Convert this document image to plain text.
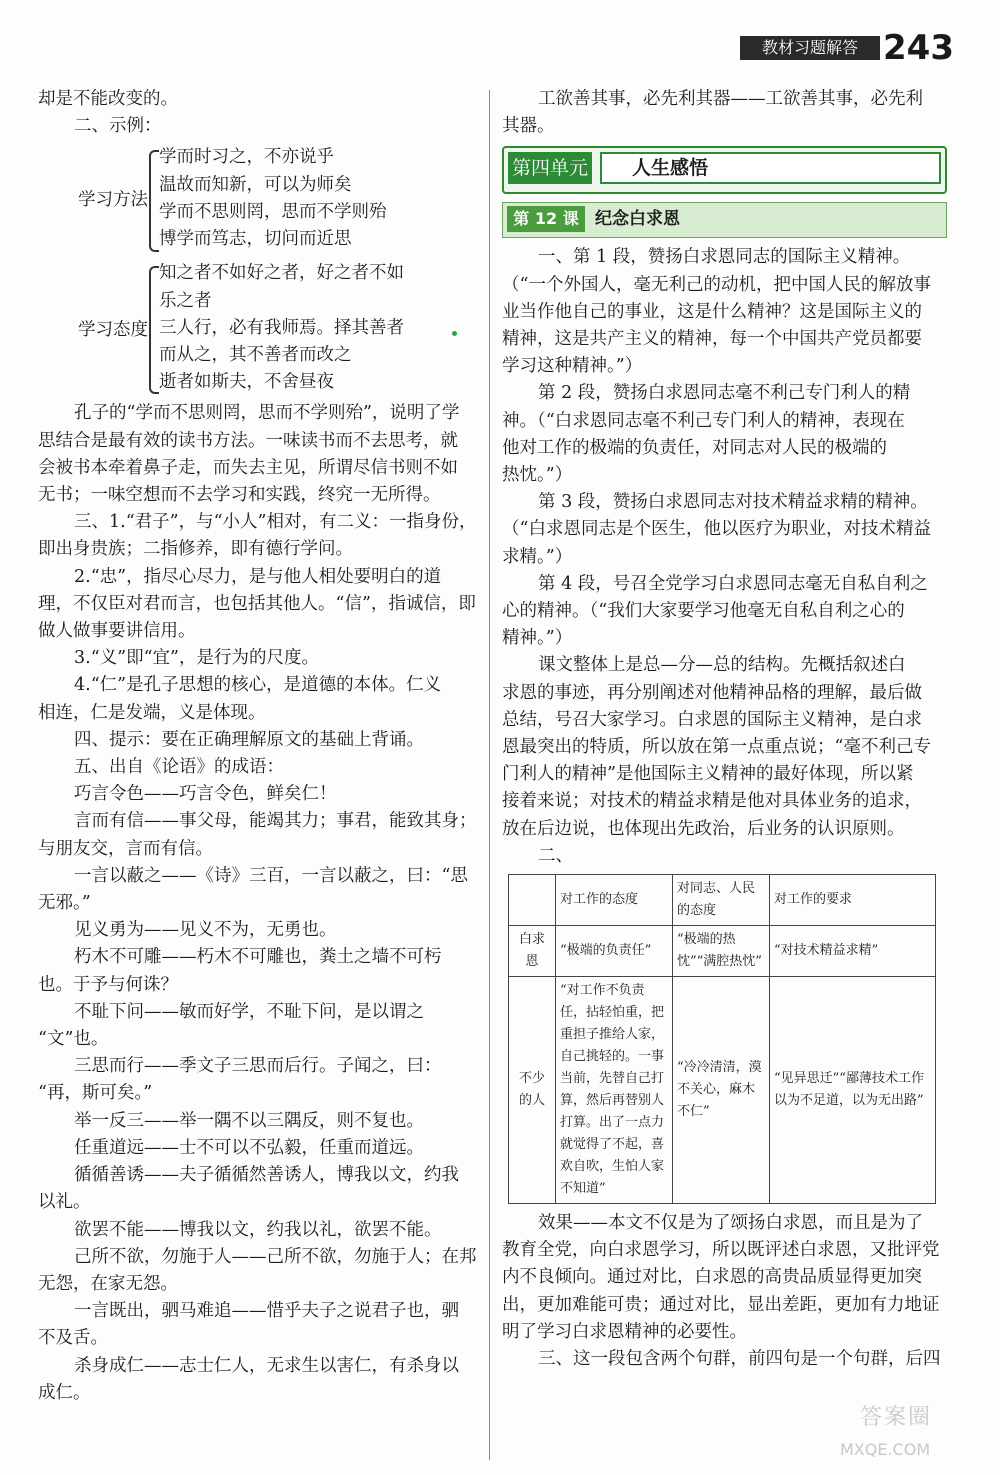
教材习题解答 243

却是不能改变的。

二、示例：

学习方法

学而时习之，不亦说乎

温故而知新，可以为师矣

学而不思则罔，思而不学则殆

博学而笃志，切问而近思

学习态度

知之者不如好之者，好之者不如

乐之者

三人行，必有我师焉。择其善者

而从之，其不善者而改之

逝者如斯夫，不舍昼夜

孔子的“学而不思则罔，思而不学则殆”，说明了学

思结合是最有效的读书方法。一味读书而不去思考，就

会被书本牵着鼻子走，而失去主见，所谓尽信书则不如

无书；一味空想而不去学习和实践，终究一无所得。

三、1.“君子”，与“小人”相对，有二义：一指身份，

即出身贵族；二指修养，即有德行学问。

2.“忠”，指尽心尽力，是与他人相处要明白的道

理，不仅臣对君而言，也包括其他人。“信”，指诚信，即

做人做事要讲信用。

3.“义”即“宜”，是行为的尺度。

4.“仁”是孔子思想的核心，是道德的本体。仁义

相连，仁是发端，义是体现。

四、提示：要在正确理解原文的基础上背诵。

五、出自《论语》的成语：

巧言令色——巧言令色，鲜矣仁！

言而有信——事父母，能竭其力；事君，能致其身；

与朋友交，言而有信。

一言以蔽之——《诗》三百，一言以蔽之，曰：“思

无邪。”

见义勇为——见义不为，无勇也。

朽木不可雕——朽木不可雕也，粪土之墙不可杇

也。于予与何诛？

不耻下问——敏而好学，不耻下问，是以谓之

“文”也。

三思而行——季文子三思而后行。子闻之，曰：

“再，斯可矣。”

举一反三——举一隅不以三隅反，则不复也。

任重道远——士不可以不弘毅，任重而道远。

循循善诱——夫子循循然善诱人，博我以文，约我

以礼。

欲罢不能——博我以文，约我以礼，欲罢不能。

己所不欲，勿施于人——己所不欲，勿施于人；在邦

无怨，在家无怨。

一言既出，驷马难追——惜乎夫子之说君子也，驷

不及舌。

杀身成仁——志士仁人，无求生以害仁，有杀身以

成仁。

工欲善其事，必先利其器——工欲善其事，必先利

其器。

第四单元	人生感悟
第 12 课 纪念白求恩

一、第 1 段，赞扬白求恩同志的国际主义精神。

（“一个外国人，毫无利己的动机，把中国人民的解放事

业当作他自己的事业，这是什么精神？这是国际主义的

精神，这是共产主义的精神，每一个中国共产党员都要

学习这种精神。”）

第 2 段，赞扬白求恩同志毫不利己专门利人的精

神。（“白求恩同志毫不利己专门利人的精神，表现在

他对工作的极端的负责任，对同志对人民的极端的

热忱。”）

第 3 段，赞扬白求恩同志对技术精益求精的精神。

（“白求恩同志是个医生，他以医疗为职业，对技术精益

求精。”）

第 4 段，号召全党学习白求恩同志毫无自私自利之

心的精神。（“我们大家要学习他毫无自私自利之心的

精神。”）

课文整体上是总—分—总的结构。先概括叙述白

求恩的事迹，再分别阐述对他精神品格的理解，最后做

总结，号召大家学习。白求恩的国际主义精神，是白求

恩最突出的特质，所以放在第一点重点说；“毫不利己专

门利人的精神”是他国际主义精神的最好体现，所以紧

接着来说；对技术的精益求精是他对具体业务的追求，

放在后边说，也体现出先政治，后业务的认识原则。

二、

	对工作的态度	对同志、人民的态度	对工作的要求
白求恩	“极端的负责任”	“极端的热忱”“满腔热忱”	“对技术精益求精”
不少的人	“对工作不负责任，拈轻怕重，把重担子推给人家，自己挑轻的。一事当前，先替自己打算，然后再替别人打算。出了一点力就觉得了不起，喜欢自吹，生怕人家不知道”	“冷冷清清，漠不关心，麻木不仁”	“见异思迁”“鄙薄技术工作以为不足道，以为无出路”

效果——本文不仅是为了颂扬白求恩，而且是为了

教育全党，向白求恩学习，所以既评述白求恩，又批评党

内不良倾向。通过对比，白求恩的高贵品质显得更加突

出，更加难能可贵；通过对比，显出差距，更加有力地证

明了学习白求恩精神的必要性。

三、这一段包含两个句群，前四句是一个句群，后四

答案圈
MXQE.COM
